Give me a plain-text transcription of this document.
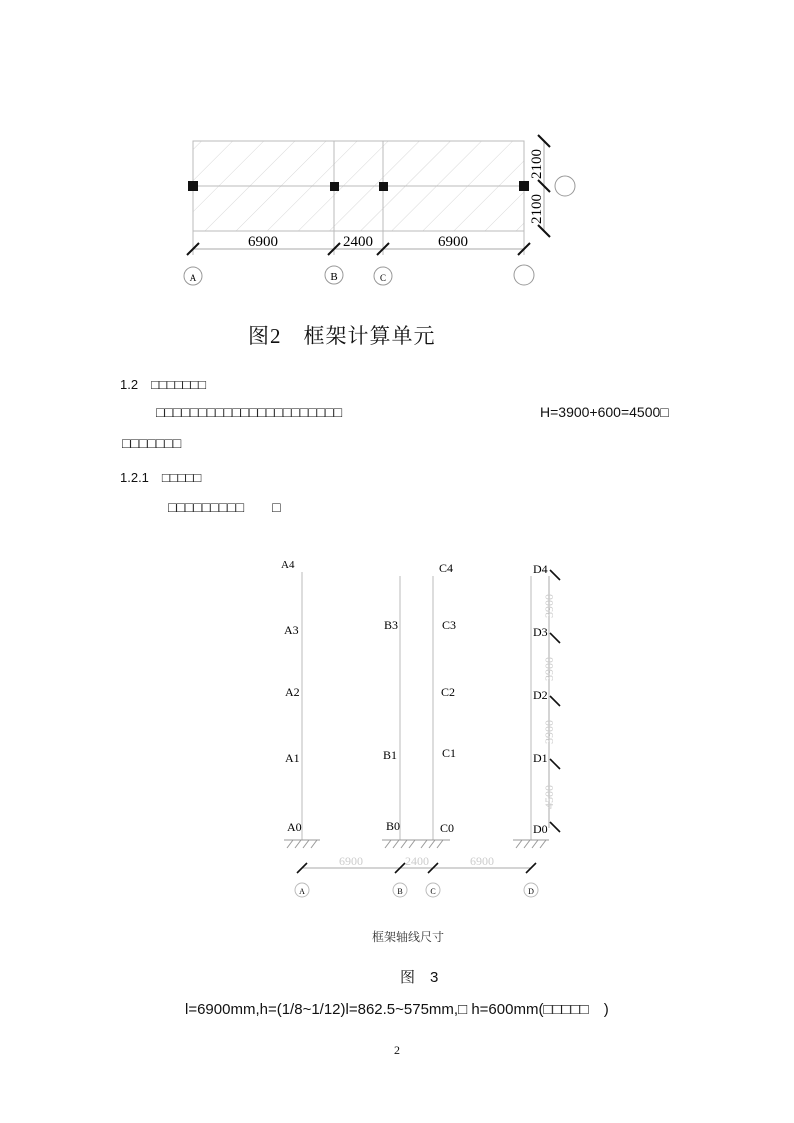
6900	2400	6900
2100
2100
A	B	C
图2　框架计算单元
1.2　□□□□□□□
□□□□□□□□□□□□□□□□□□□□□□	H=3900+600=4500□
□□□□□□□
1.2.1　□□□□□
□□□□□□□□□　　□
6900	2400	6900
3900
3900
3900
4500
A4
A3
A2
A1
A0
B3
B1
B0
C4
C3
C2
C1
C0
D4
D3
D2
D1
D0
A	B	C	D
框架轴线尺寸
图　3
l=6900mm,h=(1/8~1/12)l=862.5~575mm,□ h=600mm(□□□□□　)
2
